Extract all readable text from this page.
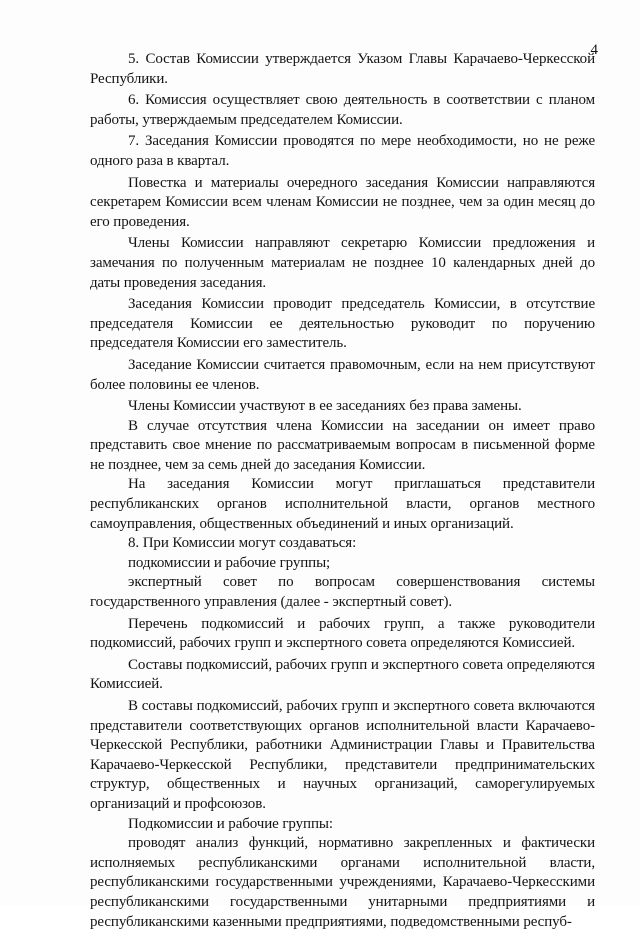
4

5. Состав Комиссии утверждается Указом Главы Карачаево-Черкесской Республики.

6. Комиссия осуществляет свою деятельность в соответствии с планом работы, утверждаемым председателем Комиссии.

7. Заседания Комиссии проводятся по мере необходимости, но не реже одного раза в квартал.

Повестка и материалы очередного заседания Комиссии направляются секретарем Комиссии всем членам Комиссии не позднее, чем за один месяц до его проведения.

Члены Комиссии направляют секретарю Комиссии предложения и замечания по полученным материалам не позднее 10 календарных дней до даты проведения заседания.

Заседания Комиссии проводит председатель Комиссии, в отсутствие председателя Комиссии ее деятельностью руководит по поручению председателя Комиссии его заместитель.

Заседание Комиссии считается правомочным, если на нем присутствуют более половины ее членов.

Члены Комиссии участвуют в ее заседаниях без права замены.

В случае отсутствия члена Комиссии на заседании он имеет право представить свое мнение по рассматриваемым вопросам в письменной форме не позднее, чем за семь дней до заседания Комиссии.

На заседания Комиссии могут приглашаться представители республиканских органов исполнительной власти, органов местного самоуправления, общественных объединений и иных организаций.

8. При Комиссии могут создаваться:

подкомиссии и рабочие группы;

экспертный совет по вопросам совершенствования системы государственного управления (далее - экспертный совет).

Перечень подкомиссий и рабочих групп, а также руководители подкомиссий, рабочих групп и экспертного совета определяются Комиссией.

Составы подкомиссий, рабочих групп и экспертного совета определяются Комиссией.

В составы подкомиссий, рабочих групп и экспертного совета включаются представители соответствующих органов исполнительной власти Карачаево-Черкесской Республики, работники Администрации Главы и Правительства Карачаево-Черкесской Республики, представители предпринимательских структур, общественных и научных организаций, саморегулируемых организаций и профсоюзов.

Подкомиссии и рабочие группы:

проводят анализ функций, нормативно закрепленных и фактически исполняемых республиканскими органами исполнительной власти, республиканскими государственными учреждениями, Карачаево-Черкесскими республиканскими государственными унитарными предприятиями и республиканскими казенными предприятиями, подведомственными респуб-
